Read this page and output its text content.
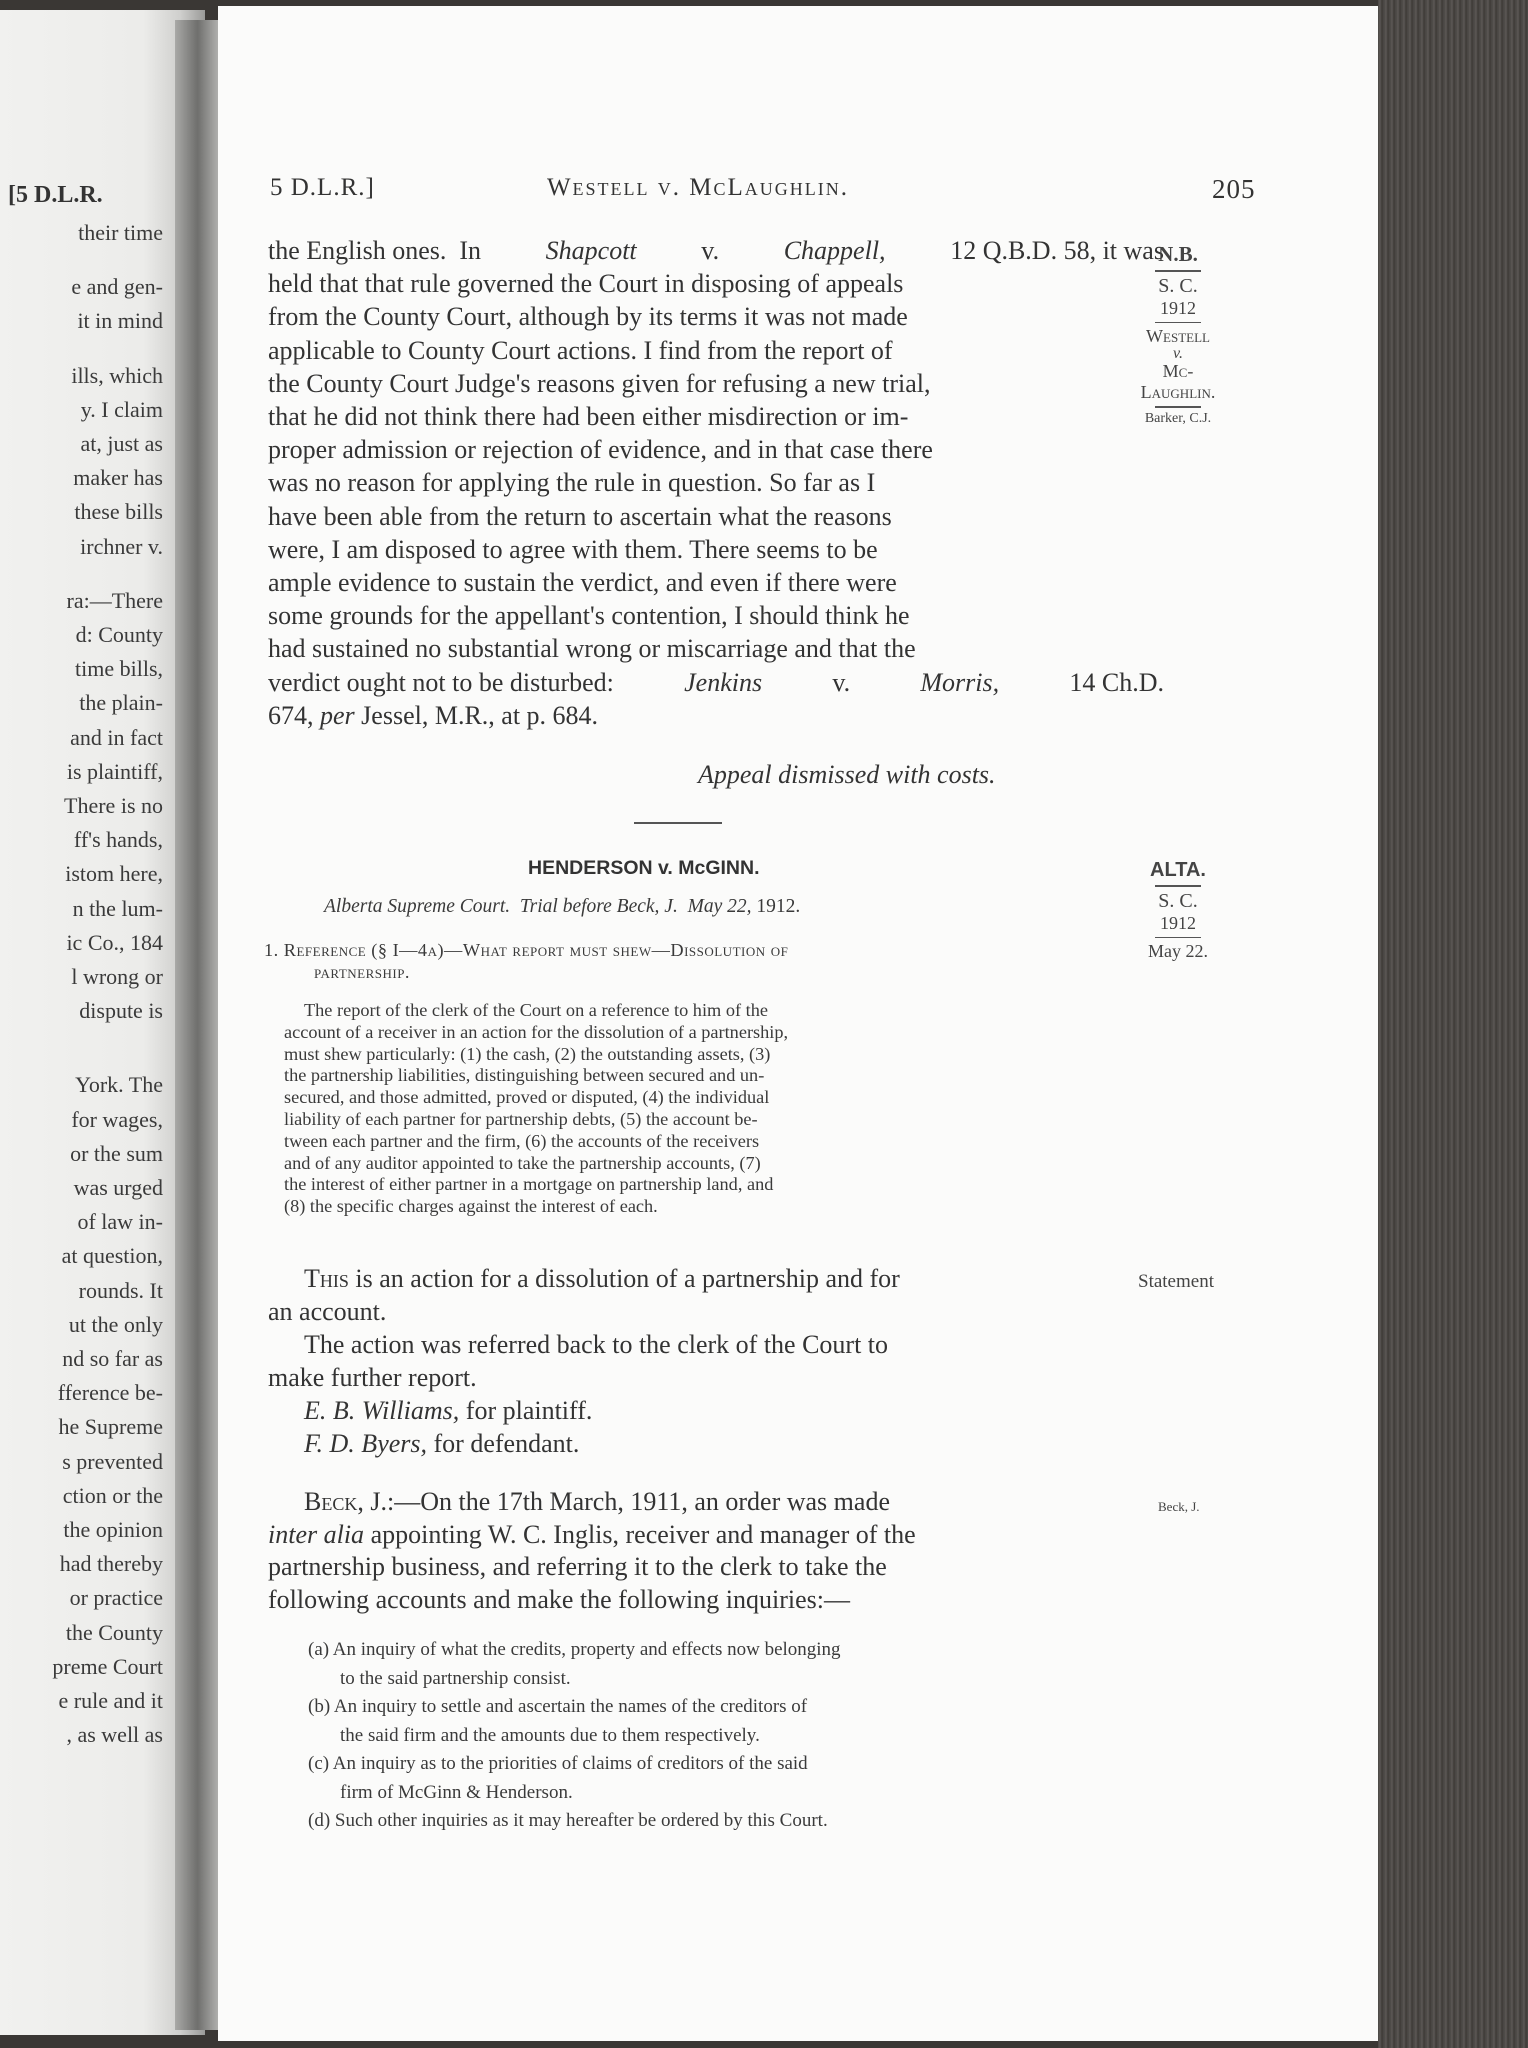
[5 D.L.R.
their time
e and gen-
it in mind
ills, which
y. I claim
at, just as
maker has
these bills
irchner v.
ra:—There
d: County
time bills,
the plain-
and in fact
is plaintiff,
There is no
ff's hands,
istom here,
n the lum-
ic Co., 184
l wrong or
dispute is
York. The
for wages,
or the sum
was urged
of law in-
at question,
rounds. It
ut the only
nd so far as
fference be-
he Supreme
s prevented
ction or the
the opinion
had thereby
or practice
the County
preme Court
e rule and it
, as well as
5 D.L.R.]	Westell v. McLaughlin.	205
the English ones.  In Shapcott v. Chappell, 12 Q.B.D. 58, it was
held that that rule governed the Court in disposing of appeals
from the County Court, although by its terms it was not made
applicable to County Court actions. I find from the report of
the County Court Judge's reasons given for refusing a new trial,
that he did not think there had been either misdirection or im-
proper admission or rejection of evidence, and in that case there
was no reason for applying the rule in question. So far as I
have been able from the return to ascertain what the reasons
were, I am disposed to agree with them. There seems to be
ample evidence to sustain the verdict, and even if there were
some grounds for the appellant's contention, I should think he
had sustained no substantial wrong or miscarriage and that the
verdict ought not to be disturbed:	Jenkins	v.	Morris,	14 Ch.D.
674, per Jessel, M.R., at p. 684.
Appeal dismissed with costs.
N.B.
S. C.
1912
Westell
v.
Mc-
Laughlin.
Barker, C.J.
HENDERSON v. McGINN.
Alberta Supreme Court. Trial before Beck, J. May 22, 1912.
1. Reference (§ I—4a)—What report must shew—Dissolution of
partnership.
The report of the clerk of the Court on a reference to him of the
account of a receiver in an action for the dissolution of a partnership,
must shew particularly: (1) the cash, (2) the outstanding assets, (3)
the partnership liabilities, distinguishing between secured and un-
secured, and those admitted, proved or disputed, (4) the individual
liability of each partner for partnership debts, (5) the account be-
tween each partner and the firm, (6) the accounts of the receivers
and of any auditor appointed to take the partnership accounts, (7)
the interest of either partner in a mortgage on partnership land, and
(8) the specific charges against the interest of each.
ALTA.
S. C.
1912
May 22.
Statement
Beck, J.
This is an action for a dissolution of a partnership and for
an account.
The action was referred back to the clerk of the Court to
make further report.
E. B. Williams, for plaintiff.
F. D. Byers, for defendant.
Beck, J.:—On the 17th March, 1911, an order was made
inter alia appointing W. C. Inglis, receiver and manager of the
partnership business, and referring it to the clerk to take the
following accounts and make the following inquiries:—
(a) An inquiry of what the credits, property and effects now belonging
to the said partnership consist.
(b) An inquiry to settle and ascertain the names of the creditors of
the said firm and the amounts due to them respectively.
(c) An inquiry as to the priorities of claims of creditors of the said
firm of McGinn & Henderson.
(d) Such other inquiries as it may hereafter be ordered by this Court.
